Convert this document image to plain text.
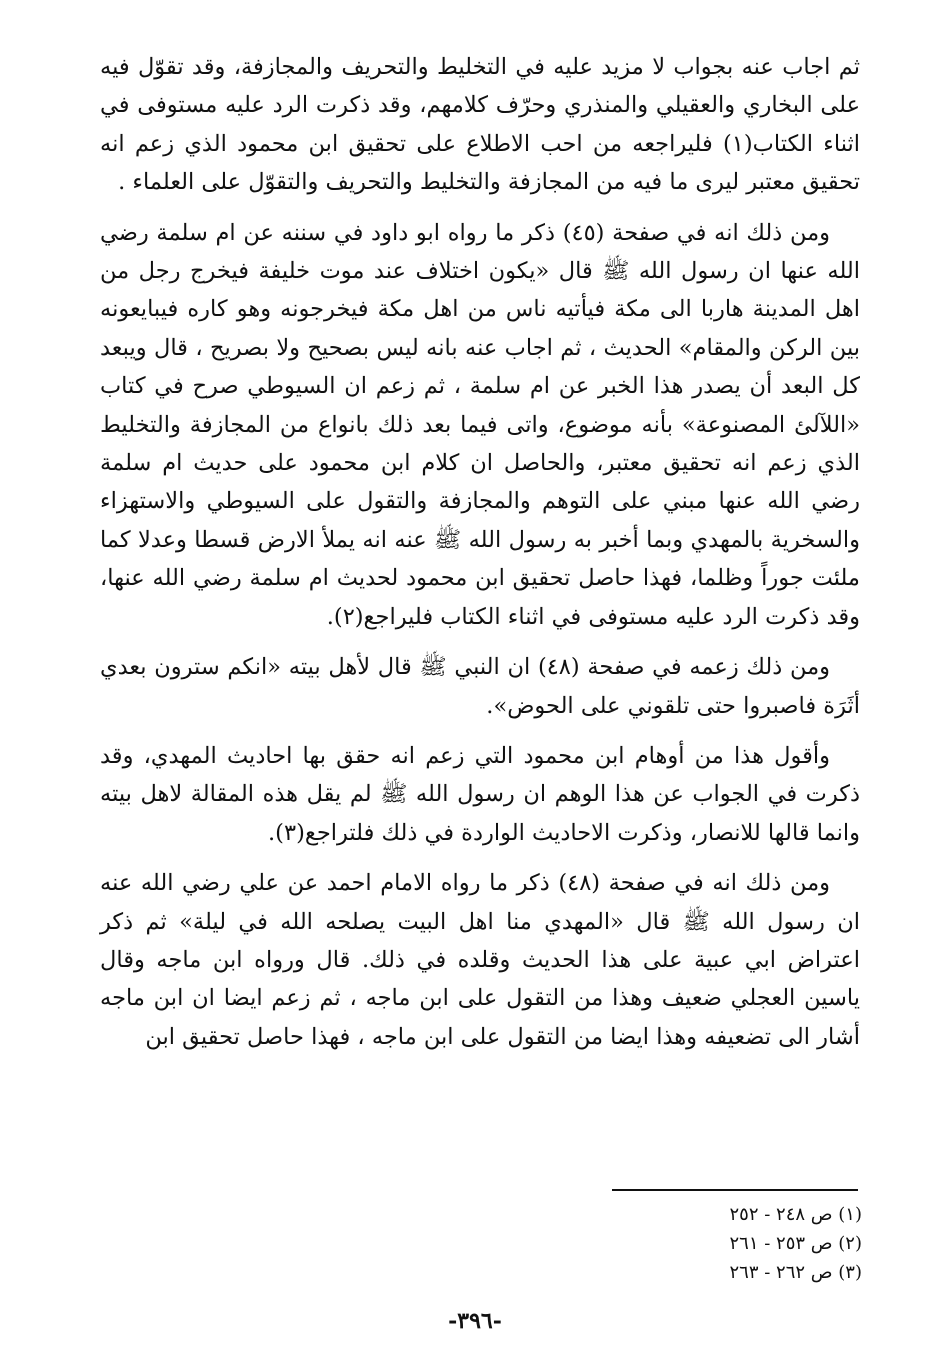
ثم اجاب عنه بجواب لا مزيد عليه في التخليط والتحريف والمجازفة، وقد تقوّل فيه على البخاري والعقيلي والمنذري وحرّف كلامهم، وقد ذكرت الرد عليه مستوفى في اثناء الكتاب(١) فليراجعه من احب الاطلاع على تحقيق ابن محمود الذي زعم انه تحقيق معتبر ليرى ما فيه من المجازفة والتخليط والتحريف والتقوّل على العلماء .

ومن ذلك انه في صفحة (٤٥) ذكر ما رواه ابو داود في سننه عن ام سلمة رضي الله عنها ان رسول الله ﷺ قال «يكون اختلاف عند موت خليفة فيخرج رجل من اهل المدينة هاربا الى مكة فيأتيه ناس من اهل مكة فيخرجونه وهو كاره فيبايعونه بين الركن والمقام» الحديث ، ثم اجاب عنه بانه ليس بصحيح ولا بصريح ، قال ويبعد كل البعد أن يصدر هذا الخبر عن ام سلمة ، ثم زعم ان السيوطي صرح في كتاب «اللآلئ المصنوعة» بأنه موضوع، واتى فيما بعد ذلك بانواع من المجازفة والتخليط الذي زعم انه تحقيق معتبر، والحاصل ان كلام ابن محمود على حديث ام سلمة رضي الله عنها مبني على التوهم والمجازفة والتقول على السيوطي والاستهزاء والسخرية بالمهدي وبما أخبر به رسول الله ﷺ عنه انه يملأ الارض قسطا وعدلا كما ملئت جوراً وظلما، فهذا حاصل تحقيق ابن محمود لحديث ام سلمة رضي الله عنها، وقد ذكرت الرد عليه مستوفى في اثناء الكتاب فليراجع(٢).

ومن ذلك زعمه في صفحة (٤٨) ان النبي ﷺ قال لأهل بيته «انكم سترون بعدي أثَرَة فاصبروا حتى تلقوني على الحوض».

وأقول هذا من أوهام ابن محمود التي زعم انه حقق بها احاديث المهدي، وقد ذكرت في الجواب عن هذا الوهم ان رسول الله ﷺ لم يقل هذه المقالة لاهل بيته وانما قالها للانصار، وذكرت الاحاديث الواردة في ذلك فلتراجع(٣).

ومن ذلك انه في صفحة (٤٨) ذكر ما رواه الامام احمد عن علي رضي الله عنه ان رسول الله ﷺ قال «المهدي منا اهل البيت يصلحه الله في ليلة» ثم ذكر اعتراض ابي عبية على هذا الحديث وقلده في ذلك. قال ورواه ابن ماجه وقال ياسين العجلي ضعيف وهذا من التقول على ابن ماجه ، ثم زعم ايضا ان ابن ماجه أشار الى تضعيفه وهذا ايضا من التقول على ابن ماجه ، فهذا حاصل تحقيق ابن

(١) ص ٢٤٨ - ٢٥٢
(٢) ص ٢٥٣ - ٢٦١
(٣) ص ٢٦٢ - ٢٦٣
-٣٩٦-
